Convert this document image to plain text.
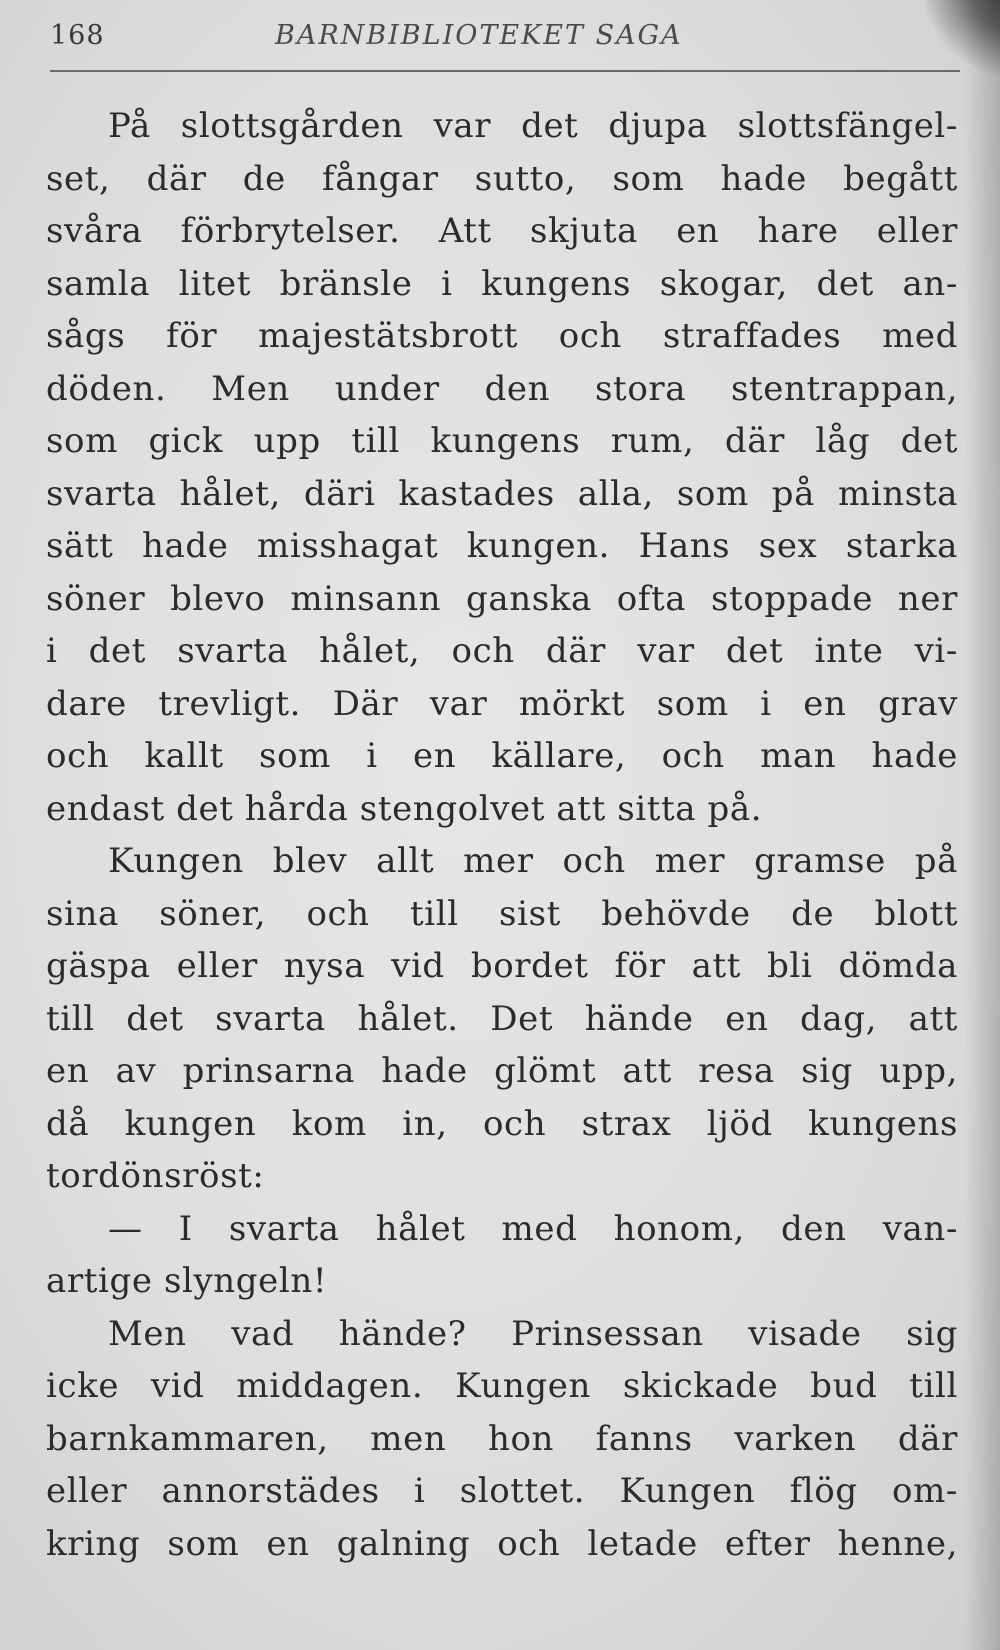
168	BARNBIBLIOTEKET SAGA
På slottsgården var det djupa slottsfängel-
set, där de fångar sutto, som hade begått
svåra förbrytelser. Att skjuta en hare eller
samla litet bränsle i kungens skogar, det an-
sågs för majestätsbrott och straffades med
döden. Men under den stora stentrappan,
som gick upp till kungens rum, där låg det
svarta hålet, däri kastades alla, som på minsta
sätt hade misshagat kungen. Hans sex starka
söner blevo minsann ganska ofta stoppade ner
i det svarta hålet, och där var det inte vi-
dare trevligt. Där var mörkt som i en grav
och kallt som i en källare, och man hade
endast det hårda stengolvet att sitta på.
Kungen blev allt mer och mer gramse på
sina söner, och till sist behövde de blott
gäspa eller nysa vid bordet för att bli dömda
till det svarta hålet. Det hände en dag, att
en av prinsarna hade glömt att resa sig upp,
då kungen kom in, och strax ljöd kungens
tordönsröst:
— I svarta hålet med honom, den van-
artige slyngeln!
Men vad hände? Prinsessan visade sig
icke vid middagen. Kungen skickade bud till
barnkammaren, men hon fanns varken där
eller annorstädes i slottet. Kungen flög om-
kring som en galning och letade efter henne,
